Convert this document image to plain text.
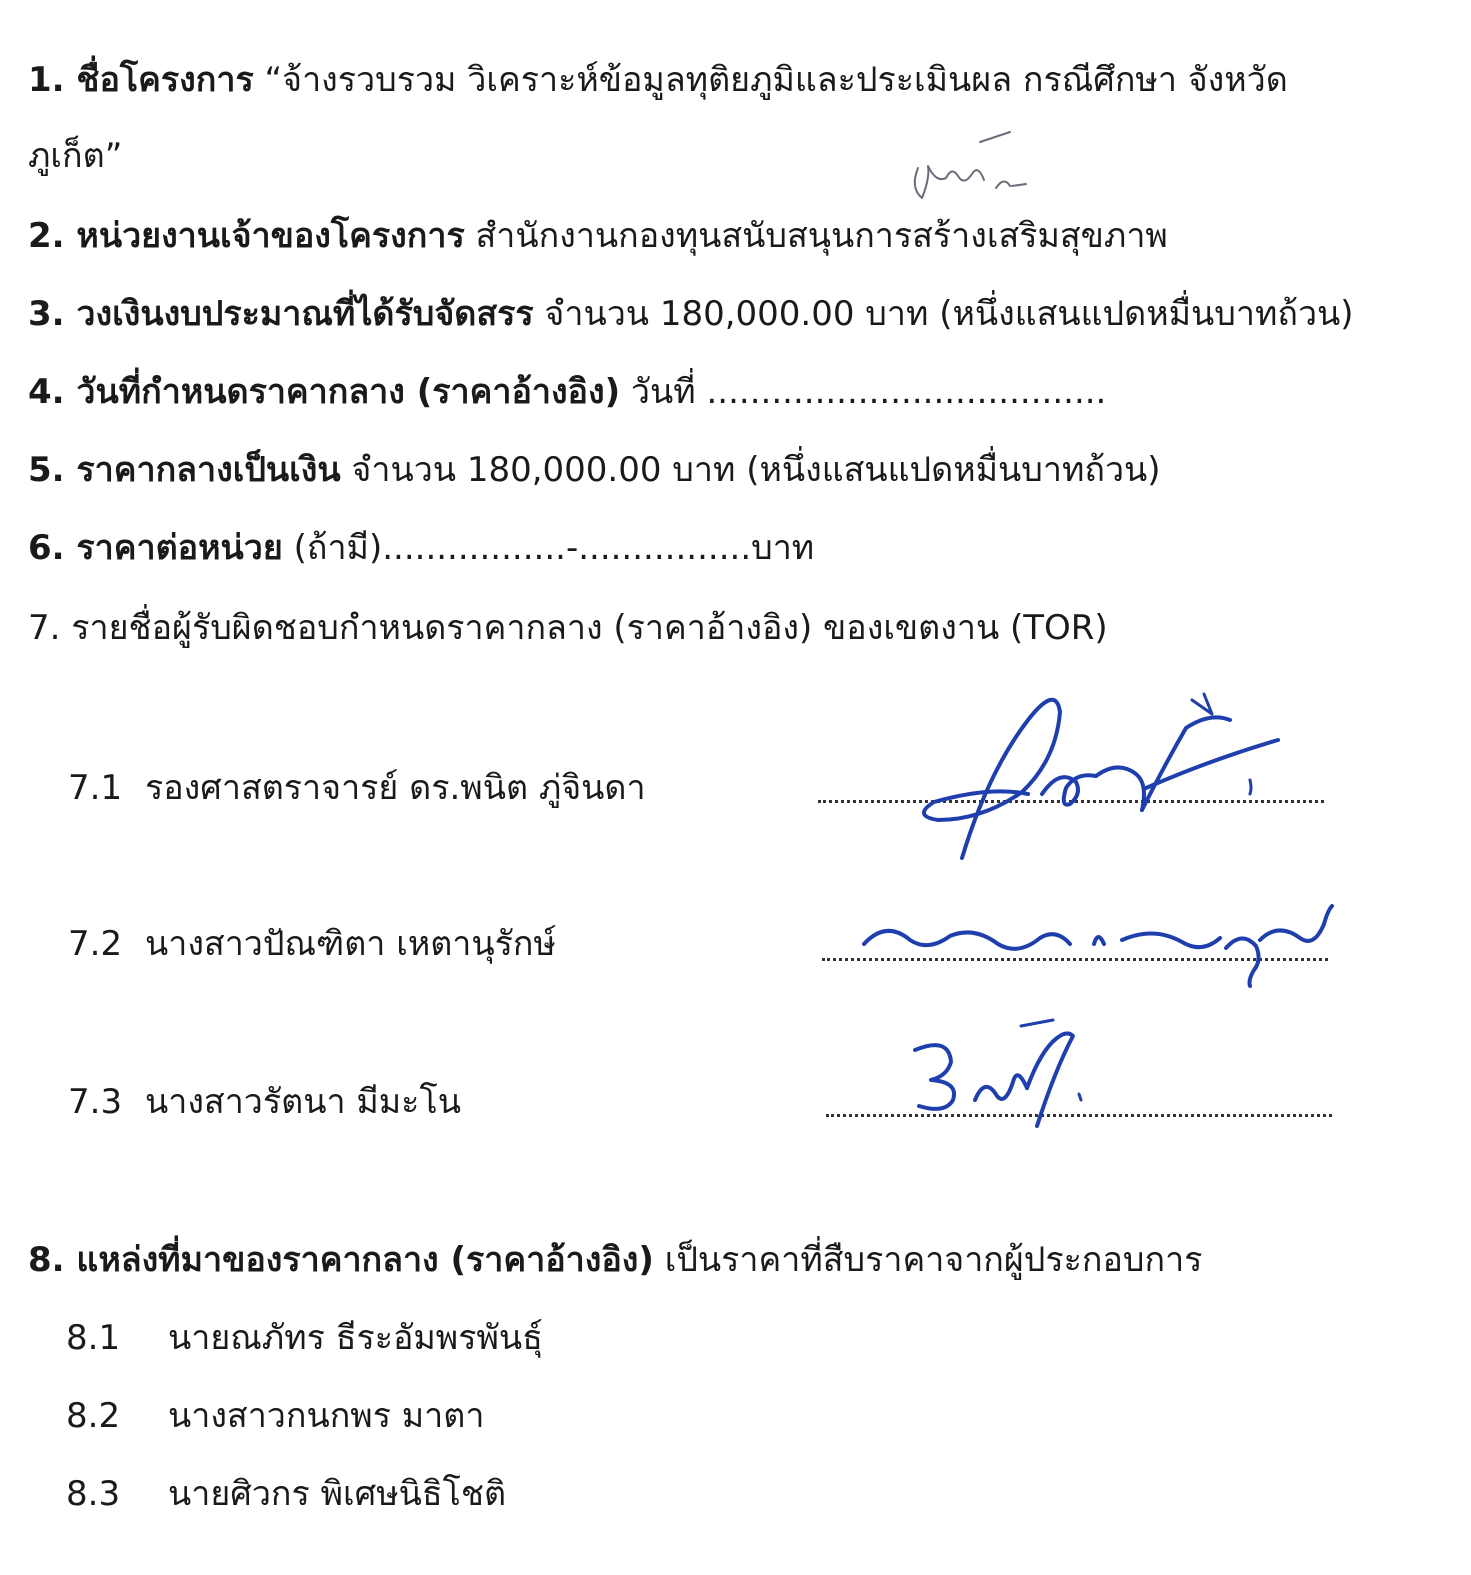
1. ชื่อโครงการ “จ้างรวบรวม วิเคราะห์ข้อมูลทุติยภูมิและประเมินผล กรณีศึกษา จังหวัด
ภูเก็ต”
2. หน่วยงานเจ้าของโครงการ สำนักงานกองทุนสนับสนุนการสร้างเสริมสุขภาพ
3. วงเงินงบประมาณที่ได้รับจัดสรร จำนวน 180,000.00 บาท (หนึ่งแสนแปดหมื่นบาทถ้วน)
4. วันที่กำหนดราคากลาง (ราคาอ้างอิง) วันที่ .....................................
5. ราคากลางเป็นเงิน จำนวน 180,000.00 บาท (หนึ่งแสนแปดหมื่นบาทถ้วน)
6. ราคาต่อหน่วย (ถ้ามี).................-................บาท
7. รายชื่อผู้รับผิดชอบกำหนดราคากลาง (ราคาอ้างอิง) ของเขตงาน (TOR)
7.1 รองศาสตราจารย์ ดร.พนิต ภู่จินดา
7.2 นางสาวปัณฑิตา เหตานุรักษ์
7.3 นางสาวรัตนา มีมะโน
8. แหล่งที่มาของราคากลาง (ราคาอ้างอิง) เป็นราคาที่สืบราคาจากผู้ประกอบการ
8.1 นายณภัทร ธีระอัมพรพันธุ์
8.2 นางสาวกนกพร มาตา
8.3 นายศิวกร พิเศษนิธิโชติ
